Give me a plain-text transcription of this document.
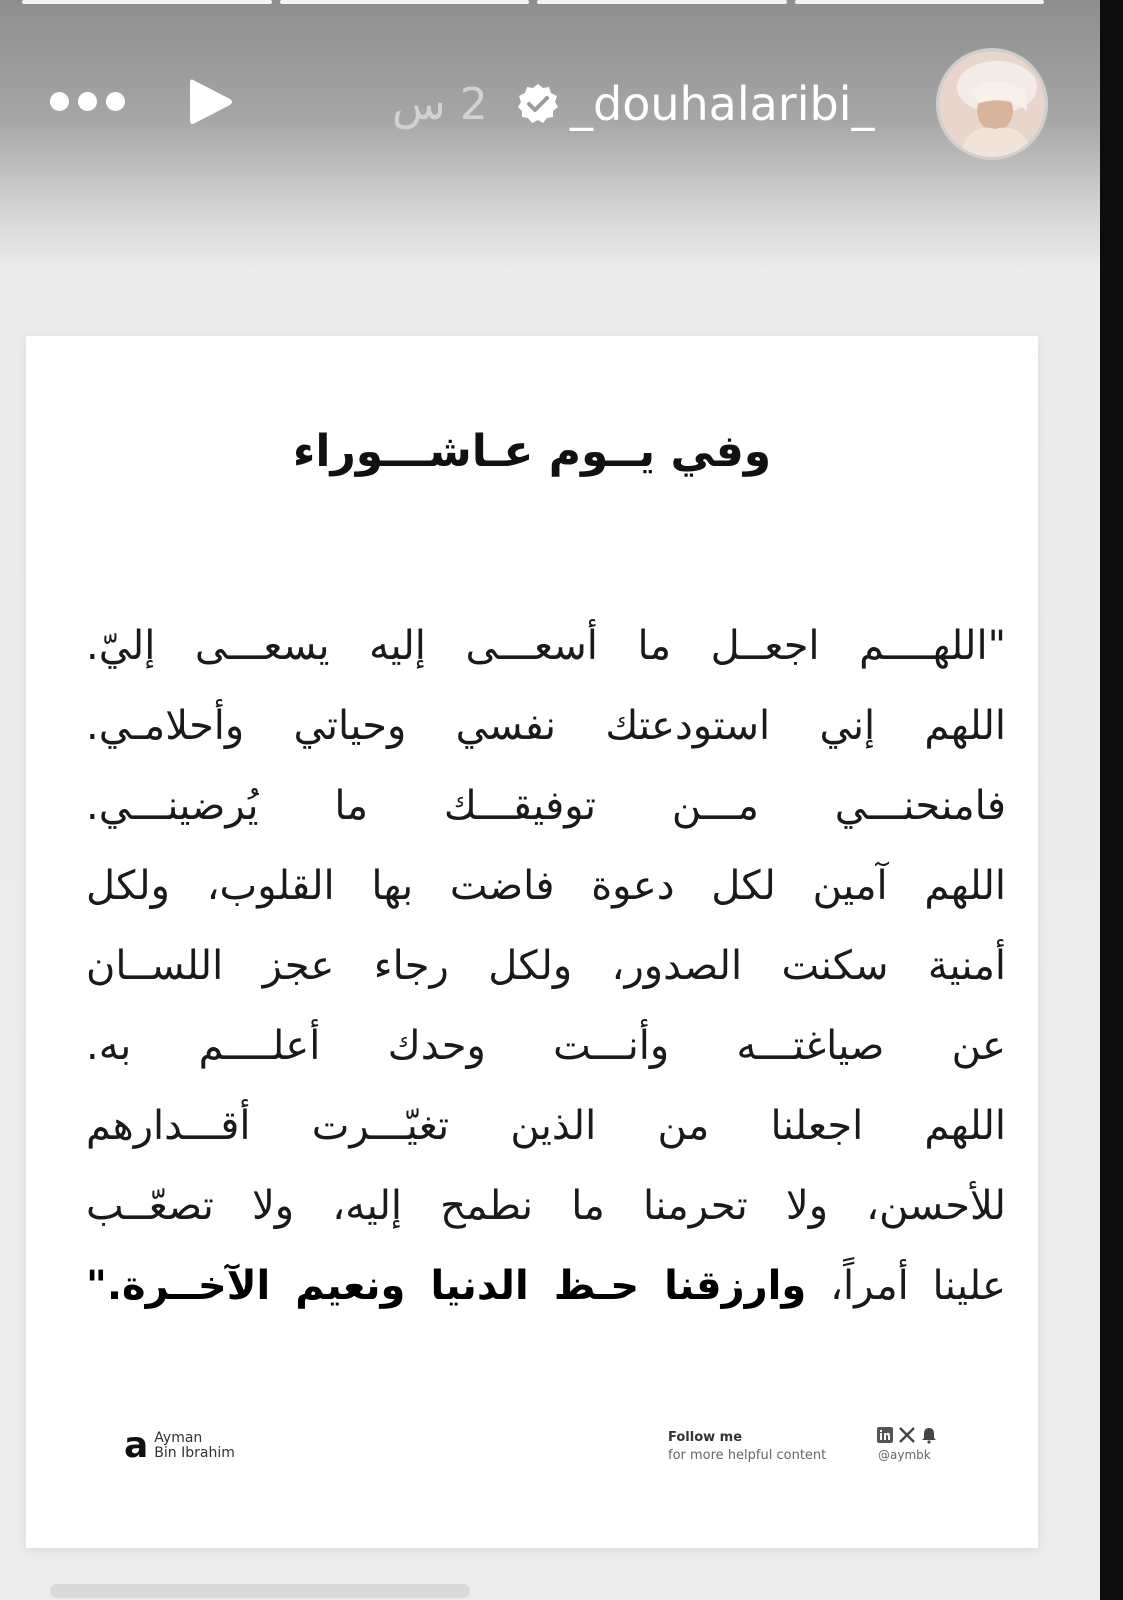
2 س _douhalaribi_
وفي يــوم عـاشـــوراء
"اللهــــم اجعــل ما أسعـــى إليه يسعـــى إليّ.
اللهم إني استودعتك نفسي وحياتي وأحلامـي.
فامنحنـــي مـــن توفيقـــك ما يُرضينـــي.
اللهم آمين لكل دعوة فاضت بها القلوب، ولكل
أمنية سكنت الصدور، ولكل رجاء عجز اللســان
عن صياغتـــه وأنـــت وحدك أعلــــم به.
اللهم اجعلنا من الذين تغيّـــرت أقـــدارهم
للأحسن، ولا تحرمنا ما نطمح إليه، ولا تصعّــب
علينا أمراً، وارزقنا حـظ الدنيا ونعيم الآخــرة."
a Ayman
Bin Ibrahim
Follow me
for more helpful content	@aymbk
